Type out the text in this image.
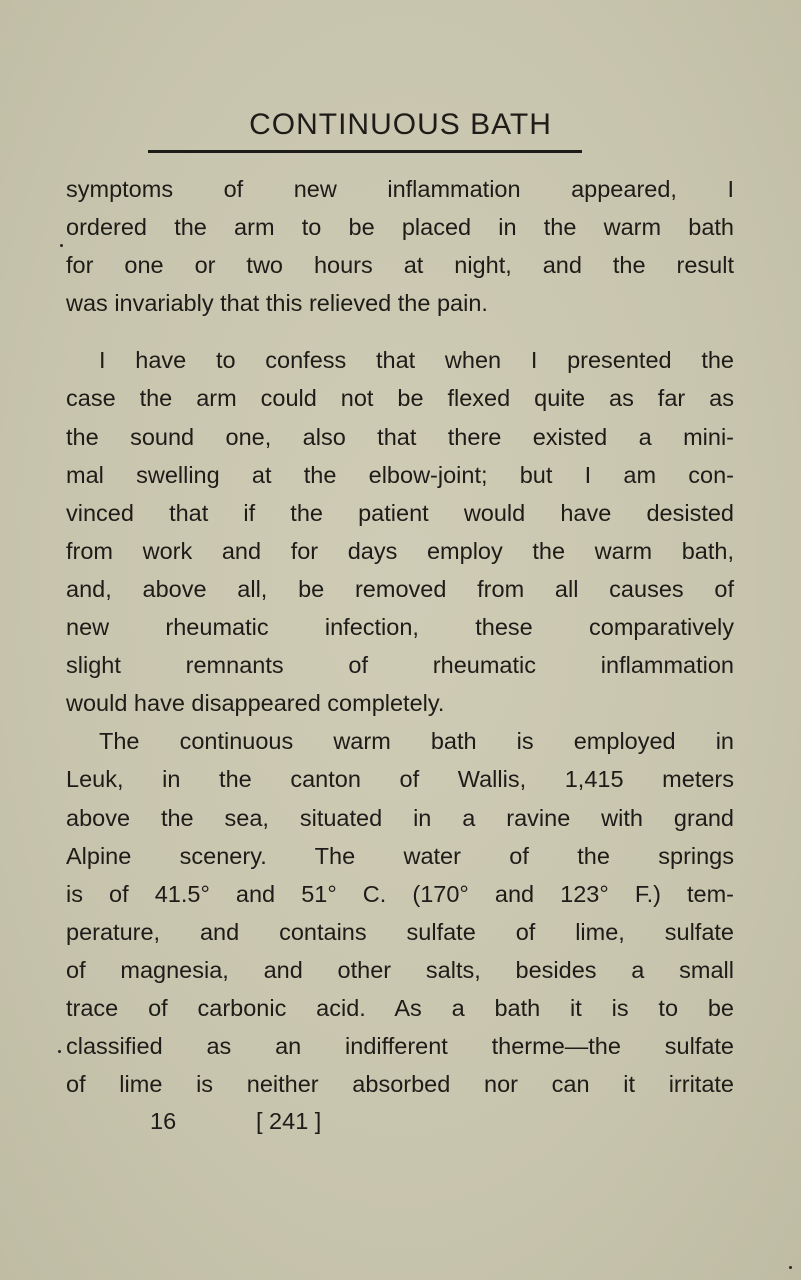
CONTINUOUS BATH
symptoms of new inflammation appeared, I
ordered the arm to be placed in the warm bath
for one or two hours at night, and the result
was invariably that this relieved the pain.
I have to confess that when I presented the
case the arm could not be flexed quite as far as
the sound one, also that there existed a mini-
mal swelling at the elbow-joint; but I am con-
vinced that if the patient would have desisted
from work and for days employ the warm bath,
and, above all, be removed from all causes of
new rheumatic infection, these comparatively
slight remnants of rheumatic inflammation
would have disappeared completely.
The continuous warm bath is employed in
Leuk, in the canton of Wallis, 1,415 meters
above the sea, situated in a ravine with grand
Alpine scenery. The water of the springs
is of 41.5° and 51° C. (170° and 123° F.) tem-
perature, and contains sulfate of lime, sulfate
of magnesia, and other salts, besides a small
trace of carbonic acid. As a bath it is to be
classified as an indifferent therme—the sulfate
of lime is neither absorbed nor can it irritate
16	[ 241 ]
